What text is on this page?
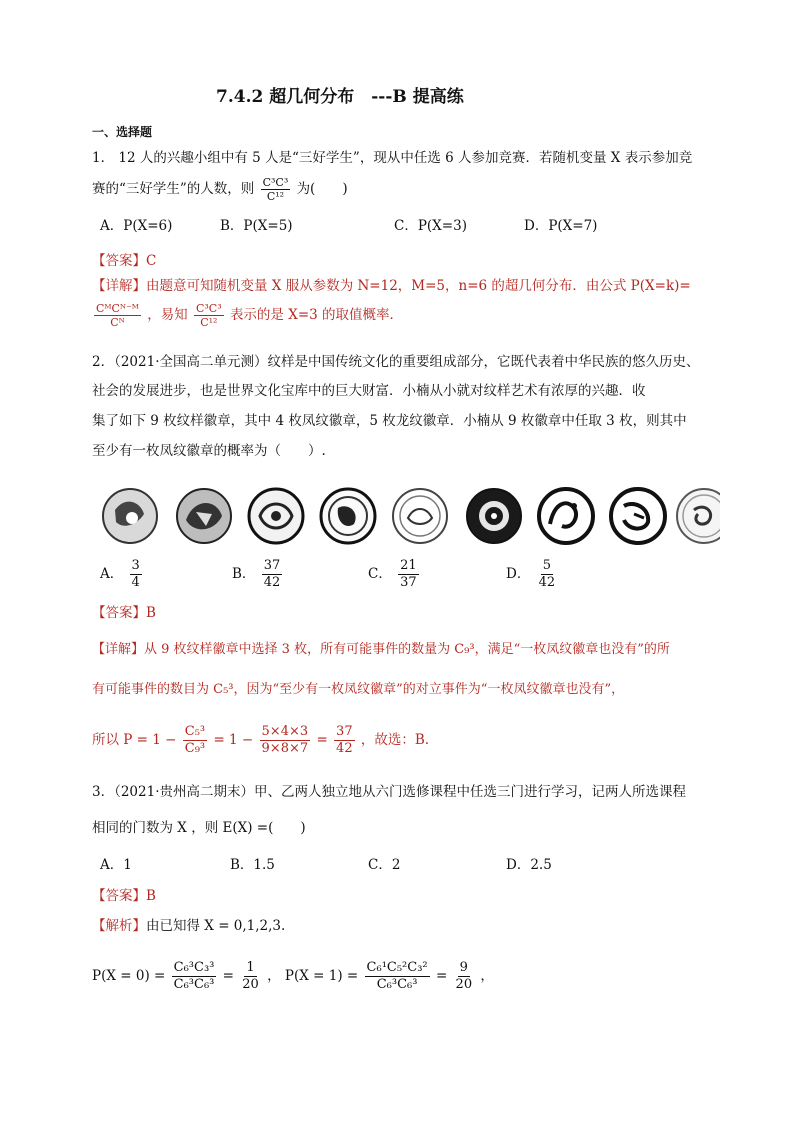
7.4.2 超几何分布　---B 提高练
一、选择题
1． 12 人的兴趣小组中有 5 人是“三好学生”，现从中任选 6 人参加竞赛．若随机变量 X 表示参加竞
赛的“三好学生”的人数，则 $\frac{\text{C³C³}}{\text{C¹²}}$ 为(　　)
A．P(X=6)	B．P(X=5)	C．P(X=3)	D．P(X=7)
【答案】C
【详解】由题意可知随机变量 X 服从参数为 N=12，M=5，n=6 的超几何分布．由公式 P(X=k)=
$\frac{\text{CᴹCᴺ⁻ᴹ}}{\text{Cᴺ}}$ ，易知 $\frac{\text{C³C³}}{\text{C¹²}}$ 表示的是 X=3 的取值概率．
2．（2021·全国高二单元测）纹样是中国传统文化的重要组成部分，它既代表着中华民族的悠久历史、
社会的发展进步，也是世界文化宝库中的巨大财富．小楠从小就对纹样艺术有浓厚的兴趣．收
集了如下 9 枚纹样徽章，其中 4 枚凤纹徽章，5 枚龙纹徽章．小楠从 9 枚徽章中任取 3 枚，则其中
至少有一枚凤纹徽章的概率为（　　）.
A． $\frac{3}{4}$	B． $\frac{37}{42}$	C． $\frac{21}{37}$	D． $\frac{5}{42}$
【答案】B
【详解】从 9 枚纹样徽章中选择 3 枚，所有可能事件的数量为 C₉³，满足“一枚凤纹徽章也没有”的所
有可能事件的数目为 C₅³，因为“至少有一枚凤纹徽章”的对立事件为“一枚凤纹徽章也没有”，
所以 $P = 1 - \frac{\text{C₅³}}{\text{C₉³}} = 1 - \frac{5\times 4\times 3}{9\times 8\times 7} = \frac{37}{42}$ ，故选：B.
3．（2021·贵州高二期末）甲、乙两人独立地从六门选修课程中任选三门进行学习，记两人所选课程
相同的门数为 X ，则 E(X) =(　　)
A．1	B．1.5	C．2	D．2.5
【答案】B
【解析】由已知得 X = 0,1,2,3.
$P(X = 0) = \frac{\text{C₆³C₃³}}{\text{C₆³C₆³}} = \frac{1}{20}$ ， $P(X = 1) = \frac{\text{C₆¹C₅²C₃²}}{\text{C₆³C₆³}} = \frac{9}{20}$ ，
